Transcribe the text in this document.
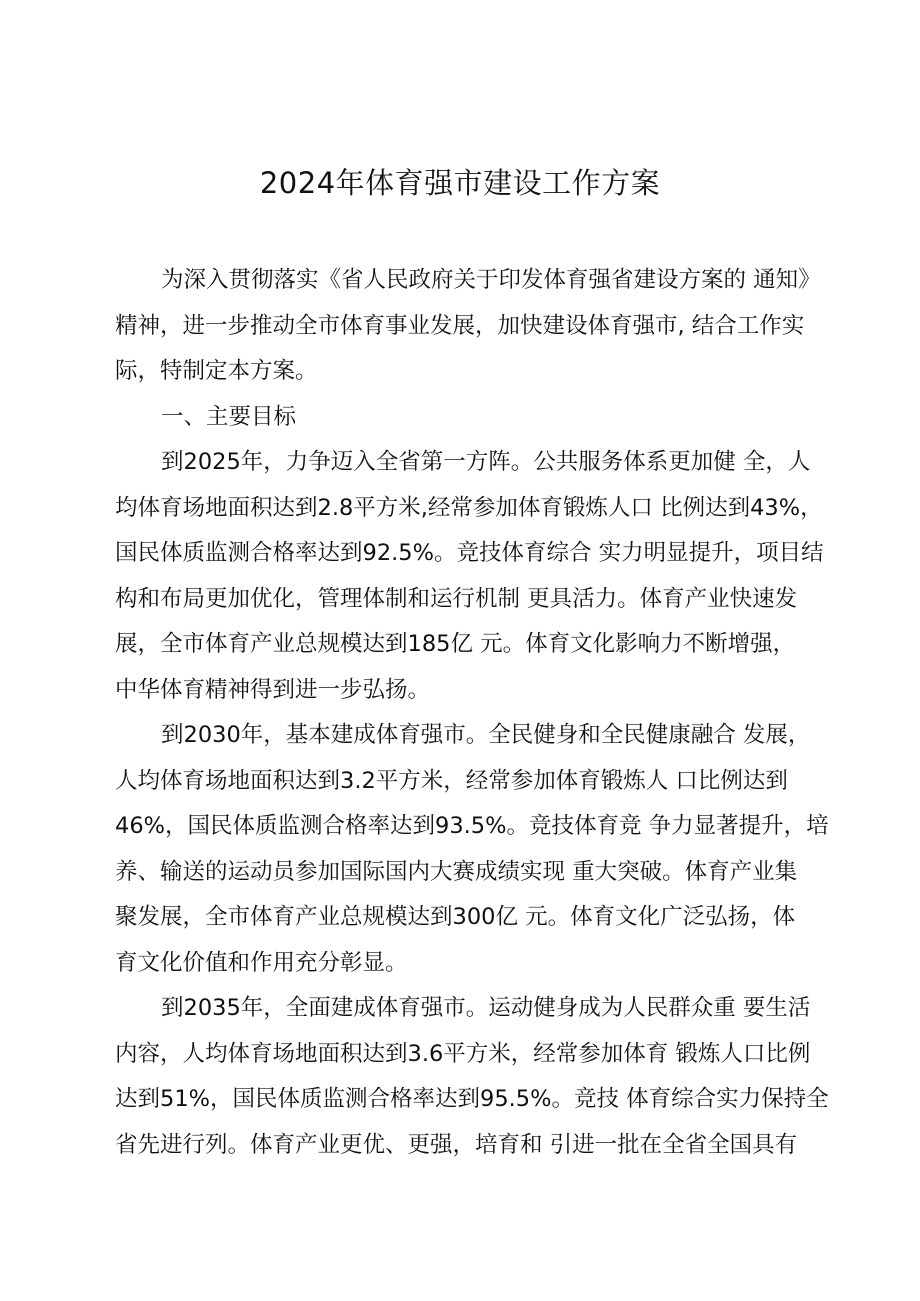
2024年体育强市建设工作方案
为深入贯彻落实《省人民政府关于印发体育强省建设方案的 通知》
精神，进一步推动全市体育事业发展，加快建设体育强市, 结合工作实
际，特制定本方案。
一、主要目标
到2025年，力争迈入全省第一方阵。公共服务体系更加健 全，人
均体育场地面积达到2.8平方米,经常参加体育锻炼人口 比例达到43%，
国民体质监测合格率达到92.5%。竞技体育综合 实力明显提升，项目结
构和布局更加优化，管理体制和运行机制 更具活力。体育产业快速发
展，全市体育产业总规模达到185亿 元。体育文化影响力不断增强，
中华体育精神得到进一步弘扬。
到2030年，基本建成体育强市。全民健身和全民健康融合 发展，
人均体育场地面积达到3.2平方米，经常参加体育锻炼人 口比例达到
46%，国民体质监测合格率达到93.5%。竞技体育竞 争力显著提升，培
养、输送的运动员参加国际国内大赛成绩实现 重大突破。体育产业集
聚发展，全市体育产业总规模达到300亿 元。体育文化广泛弘扬，体
育文化价值和作用充分彰显。
到2035年，全面建成体育强市。运动健身成为人民群众重 要生活
内容，人均体育场地面积达到3.6平方米，经常参加体育 锻炼人口比例
达到51%，国民体质监测合格率达到95.5%。竞技 体育综合实力保持全
省先进行列。体育产业更优、更强，培育和 引进一批在全省全国具有
